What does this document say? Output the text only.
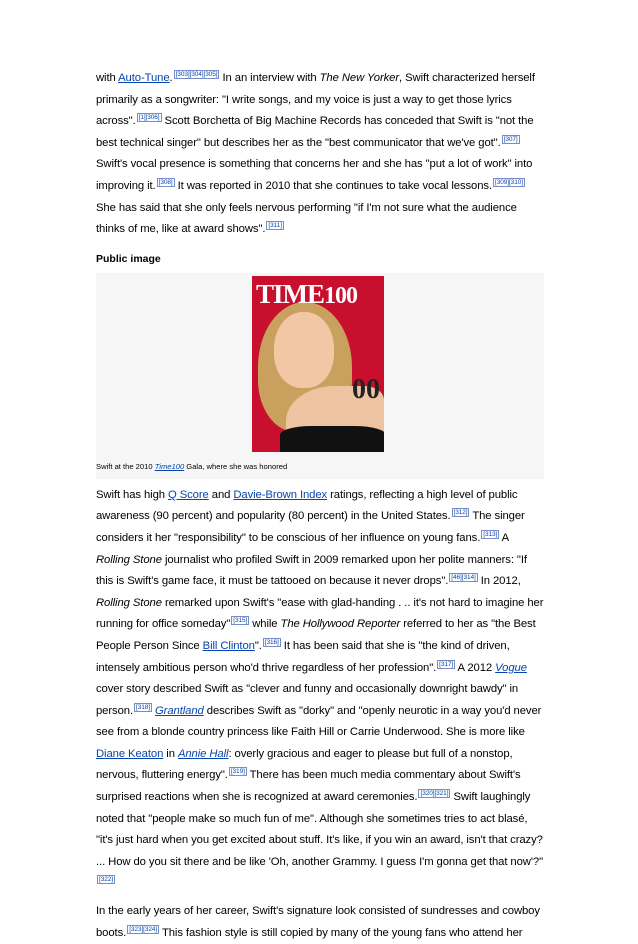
with Auto-Tune. [303][304][305] In an interview with The New Yorker, Swift characterized herself primarily as a songwriter: "I write songs, and my voice is just a way to get those lyrics across". [1][306] Scott Borchetta of Big Machine Records has conceded that Swift is "not the best technical singer" but describes her as the "best communicator that we've got". [307] Swift's vocal presence is something that concerns her and she has "put a lot of work" into improving it. [308] It was reported in 2010 that she continues to take vocal lessons. [309][310] She has said that she only feels nervous performing "if I'm not sure what the audience thinks of me, like at award shows". [311]

Public image
00
TIME100
Swift at the 2010 Time100 Gala, where she was honored

Swift has high Q Score and Davie-Brown Index ratings, reflecting a high level of public awareness (90 percent) and popularity (80 percent) in the United States. [312] The singer considers it her "responsibility" to be conscious of her influence on young fans. [313] A Rolling Stone journalist who profiled Swift in 2009 remarked upon her polite manners: "If this is Swift's game face, it must be tattooed on because it never drops". [46][314] In 2012, Rolling Stone remarked upon Swift's "ease with glad-handing . .. it's not hard to imagine her running for office someday" [315] while The Hollywood Reporter referred to her as "the Best People Person Since Bill Clinton". [316] It has been said that she is "the kind of driven, intensely ambitious person who'd thrive regardless of her profession". [317] A 2012 Vogue cover story described Swift as "clever and funny and occasionally downright bawdy" in person. [318] Grantland describes Swift as "dorky" and "openly neurotic in a way you'd never see from a blonde country princess like Faith Hill or Carrie Underwood. She is more like Diane Keaton in Annie Hall: overly gracious and eager to please but full of a nonstop, nervous, fluttering energy". [319] There has been much media commentary about Swift's surprised reactions when she is recognized at award ceremonies. [320][321] Swift laughingly noted that "people make so much fun of me". Although she sometimes tries to act blasé, "it's just hard when you get excited about stuff. It's like, if you win an award, isn't that crazy? ... How do you sit there and be like 'Oh, another Grammy. I guess I'm gonna get that now'?"[322]

In the early years of her career, Swift's signature look consisted of sundresses and cowboy boots. [323][324] This fashion style is still copied by many of the young fans who attend her
